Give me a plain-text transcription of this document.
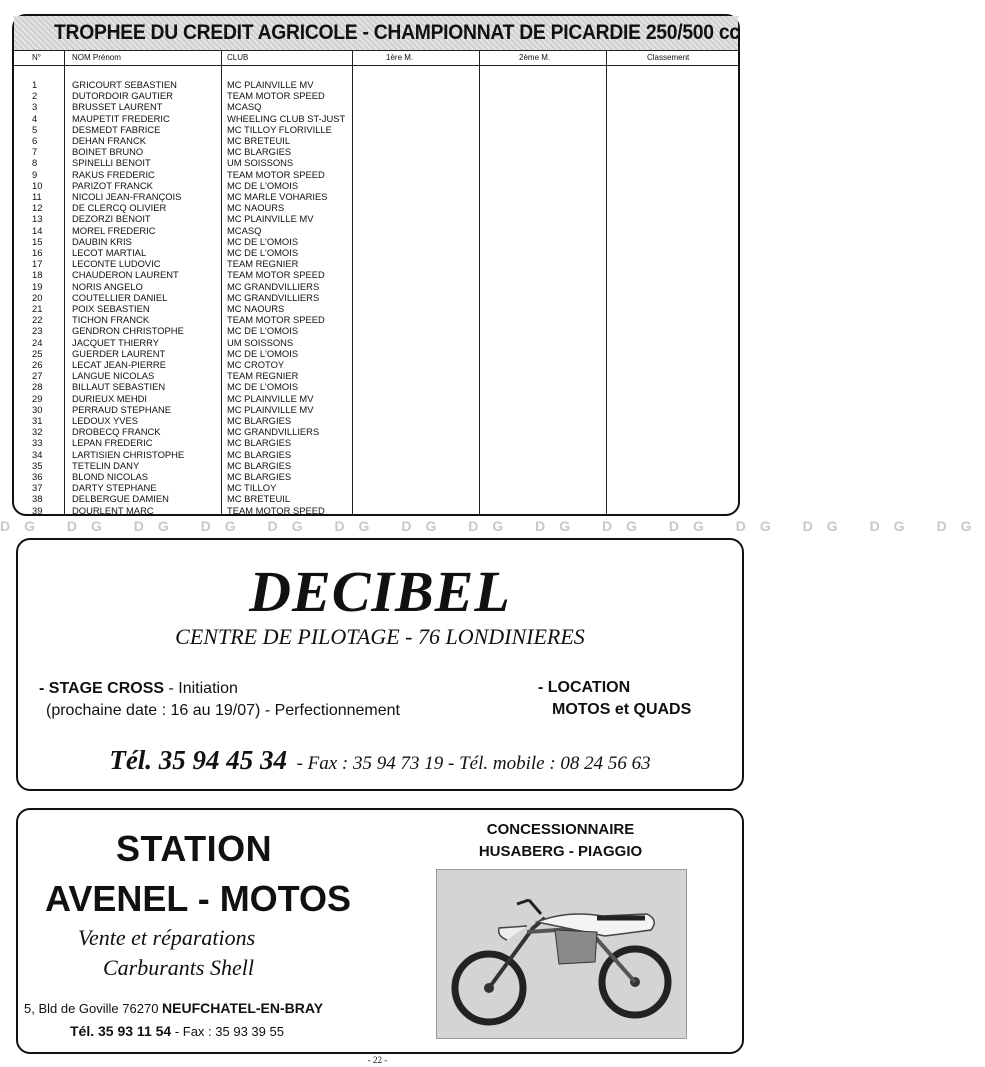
TROPHEE DU CREDIT AGRICOLE - CHAMPIONNAT DE PICARDIE 250/500 cc
N°	NOM Prénom	CLUB	1ère M.	2ème M.	Classement
1	GRICOURT SEBASTIEN	MC PLAINVILLE MV
2	DUTORDOIR GAUTIER	TEAM MOTOR SPEED
3	BRUSSET LAURENT	MCASQ
4	MAUPETIT FREDERIC	WHEELING CLUB ST-JUST
5	DESMEDT FABRICE	MC TILLOY FLORIVILLE
6	DEHAN FRANCK	MC BRETEUIL
7	BOINET BRUNO	MC BLARGIES
8	SPINELLI BENOIT	UM SOISSONS
9	RAKUS FREDERIC	TEAM MOTOR SPEED
10	PARIZOT FRANCK	MC DE L'OMOIS
11	NICOLI JEAN-FRANÇOIS	MC MARLE VOHARIES
12	DE CLERCQ OLIVIER	MC NAOURS
13	DEZORZI BENOIT	MC PLAINVILLE MV
14	MOREL FREDERIC	MCASQ
15	DAUBIN KRIS	MC DE L'OMOIS
16	LECOT MARTIAL	MC DE L'OMOIS
17	LECONTE LUDOVIC	TEAM REGNIER
18	CHAUDERON LAURENT	TEAM MOTOR SPEED
19	NORIS ANGELO	MC GRANDVILLIERS
20	COUTELLIER DANIEL	MC GRANDVILLIERS
21	POIX SEBASTIEN	MC NAOURS
22	TICHON FRANCK	TEAM MOTOR SPEED
23	GENDRON CHRISTOPHE	MC DE L'OMOIS
24	JACQUET THIERRY	UM SOISSONS
25	GUERDER LAURENT	MC DE L'OMOIS
26	LECAT JEAN-PIERRE	MC CROTOY
27	LANGUE NICOLAS	TEAM REGNIER
28	BILLAUT SEBASTIEN	MC DE L'OMOIS
29	DURIEUX MEHDI	MC PLAINVILLE MV
30	PERRAUD STEPHANE	MC PLAINVILLE MV
31	LEDOUX YVES	MC BLARGIES
32	DROBECQ FRANCK	MC GRANDVILLIERS
33	LEPAN FREDERIC	MC BLARGIES
34	LARTISIEN CHRISTOPHE	MC BLARGIES
35	TETELIN DANY	MC BLARGIES
36	BLOND NICOLAS	MC BLARGIES
37	DARTY STEPHANE	MC TILLOY
38	DELBERGUE DAMIEN	MC BRETEUIL
39	DOURLENT MARC	TEAM MOTOR SPEED
DG DG DG DG DG DG DG DG DG DG DG DG DG DG DG
DECIBEL
CENTRE DE PILOTAGE - 76 LONDINIERES
- STAGE CROSS - Initiation
(prochaine date : 16 au 19/07) - Perfectionnement
- LOCATION
MOTOS et QUADS
Tél. 35 94 45 34 - Fax : 35 94 73 19 - Tél. mobile : 08 24 56 63
STATION
AVENEL - MOTOS
Vente et réparations
Carburants Shell
5, Bld de Goville 76270 NEUFCHATEL-EN-BRAY
Tél. 35 93 11 54 - Fax : 35 93 39 55
CONCESSIONNAIRE
HUSABERG - PIAGGIO
- 22 -
